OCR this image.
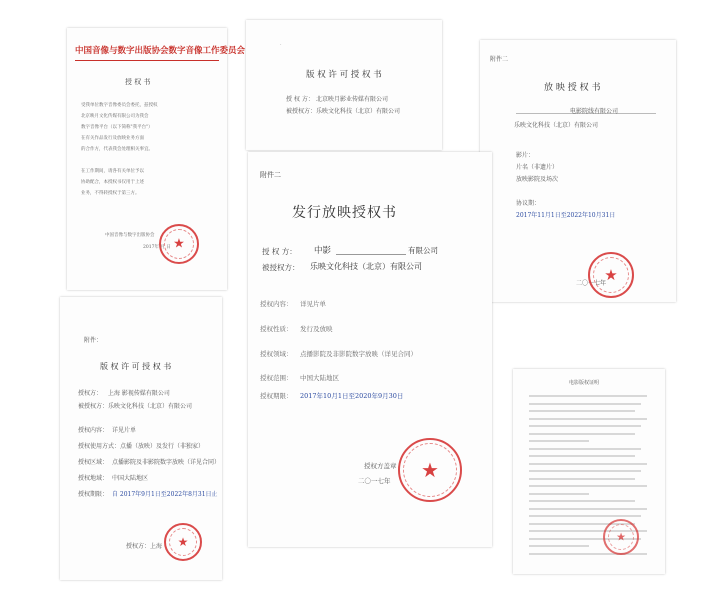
中国音像与数字出版协会数字音像工作委员会
授 权 书
受我单位数字音像委员会委托，兹授权
北京映月文化传媒有限公司为我会
数字音像平台（以下简称"我平台"）
在有关作品发行及放映业务方面
的合作方，代表我会处理相关事宜。

在工作期间，请各有关单位予以
协助配合，本授权书仅用于上述
业务，不得转授权于第三方。
中国音像与数字出版协会
2017年 月 日 ★
·
版 权 许 可 授 权 书
授 权 方： 北京映月影业传媒有限公司
被授权方： 乐映文化科技（北京）有限公司
附件二
放 映 授 权 书

电影院线有限公司
乐映文化科技（北京）有限公司
影片：
片名（非遗片）
放映影院及场次
协议期：
2017年11月1日至2022年10月31日
二〇一七年
★
附件二
发行放映授权书
授 权 方： 中影	有限公司
被授权方： 乐映文化科技（北京）有限公司
授权内容： 详见片单
授权性质： 发行及放映
授权领域： 点播影院及非影院数字放映（详见合同）
授权范围： 中国大陆地区
授权期限： 2017年10月1日至2020年9月30日
授权方盖章
二〇一七年 ★
附件：
版 权 许 可 授 权 书
授权方： 上海 影视传媒有限公司
被授权方： 乐映文化科技（北京）有限公司
授权内容： 详见片单
授权使用方式： 点播（放映）及发行（非独家）
授权区域： 点播影院及非影院数字放映（详见合同）
授权地域： 中国大陆地区
授权期限： 自 2017年9月1日至2022年8月31日止
授权方：上海 ★
电影版权证明
★
